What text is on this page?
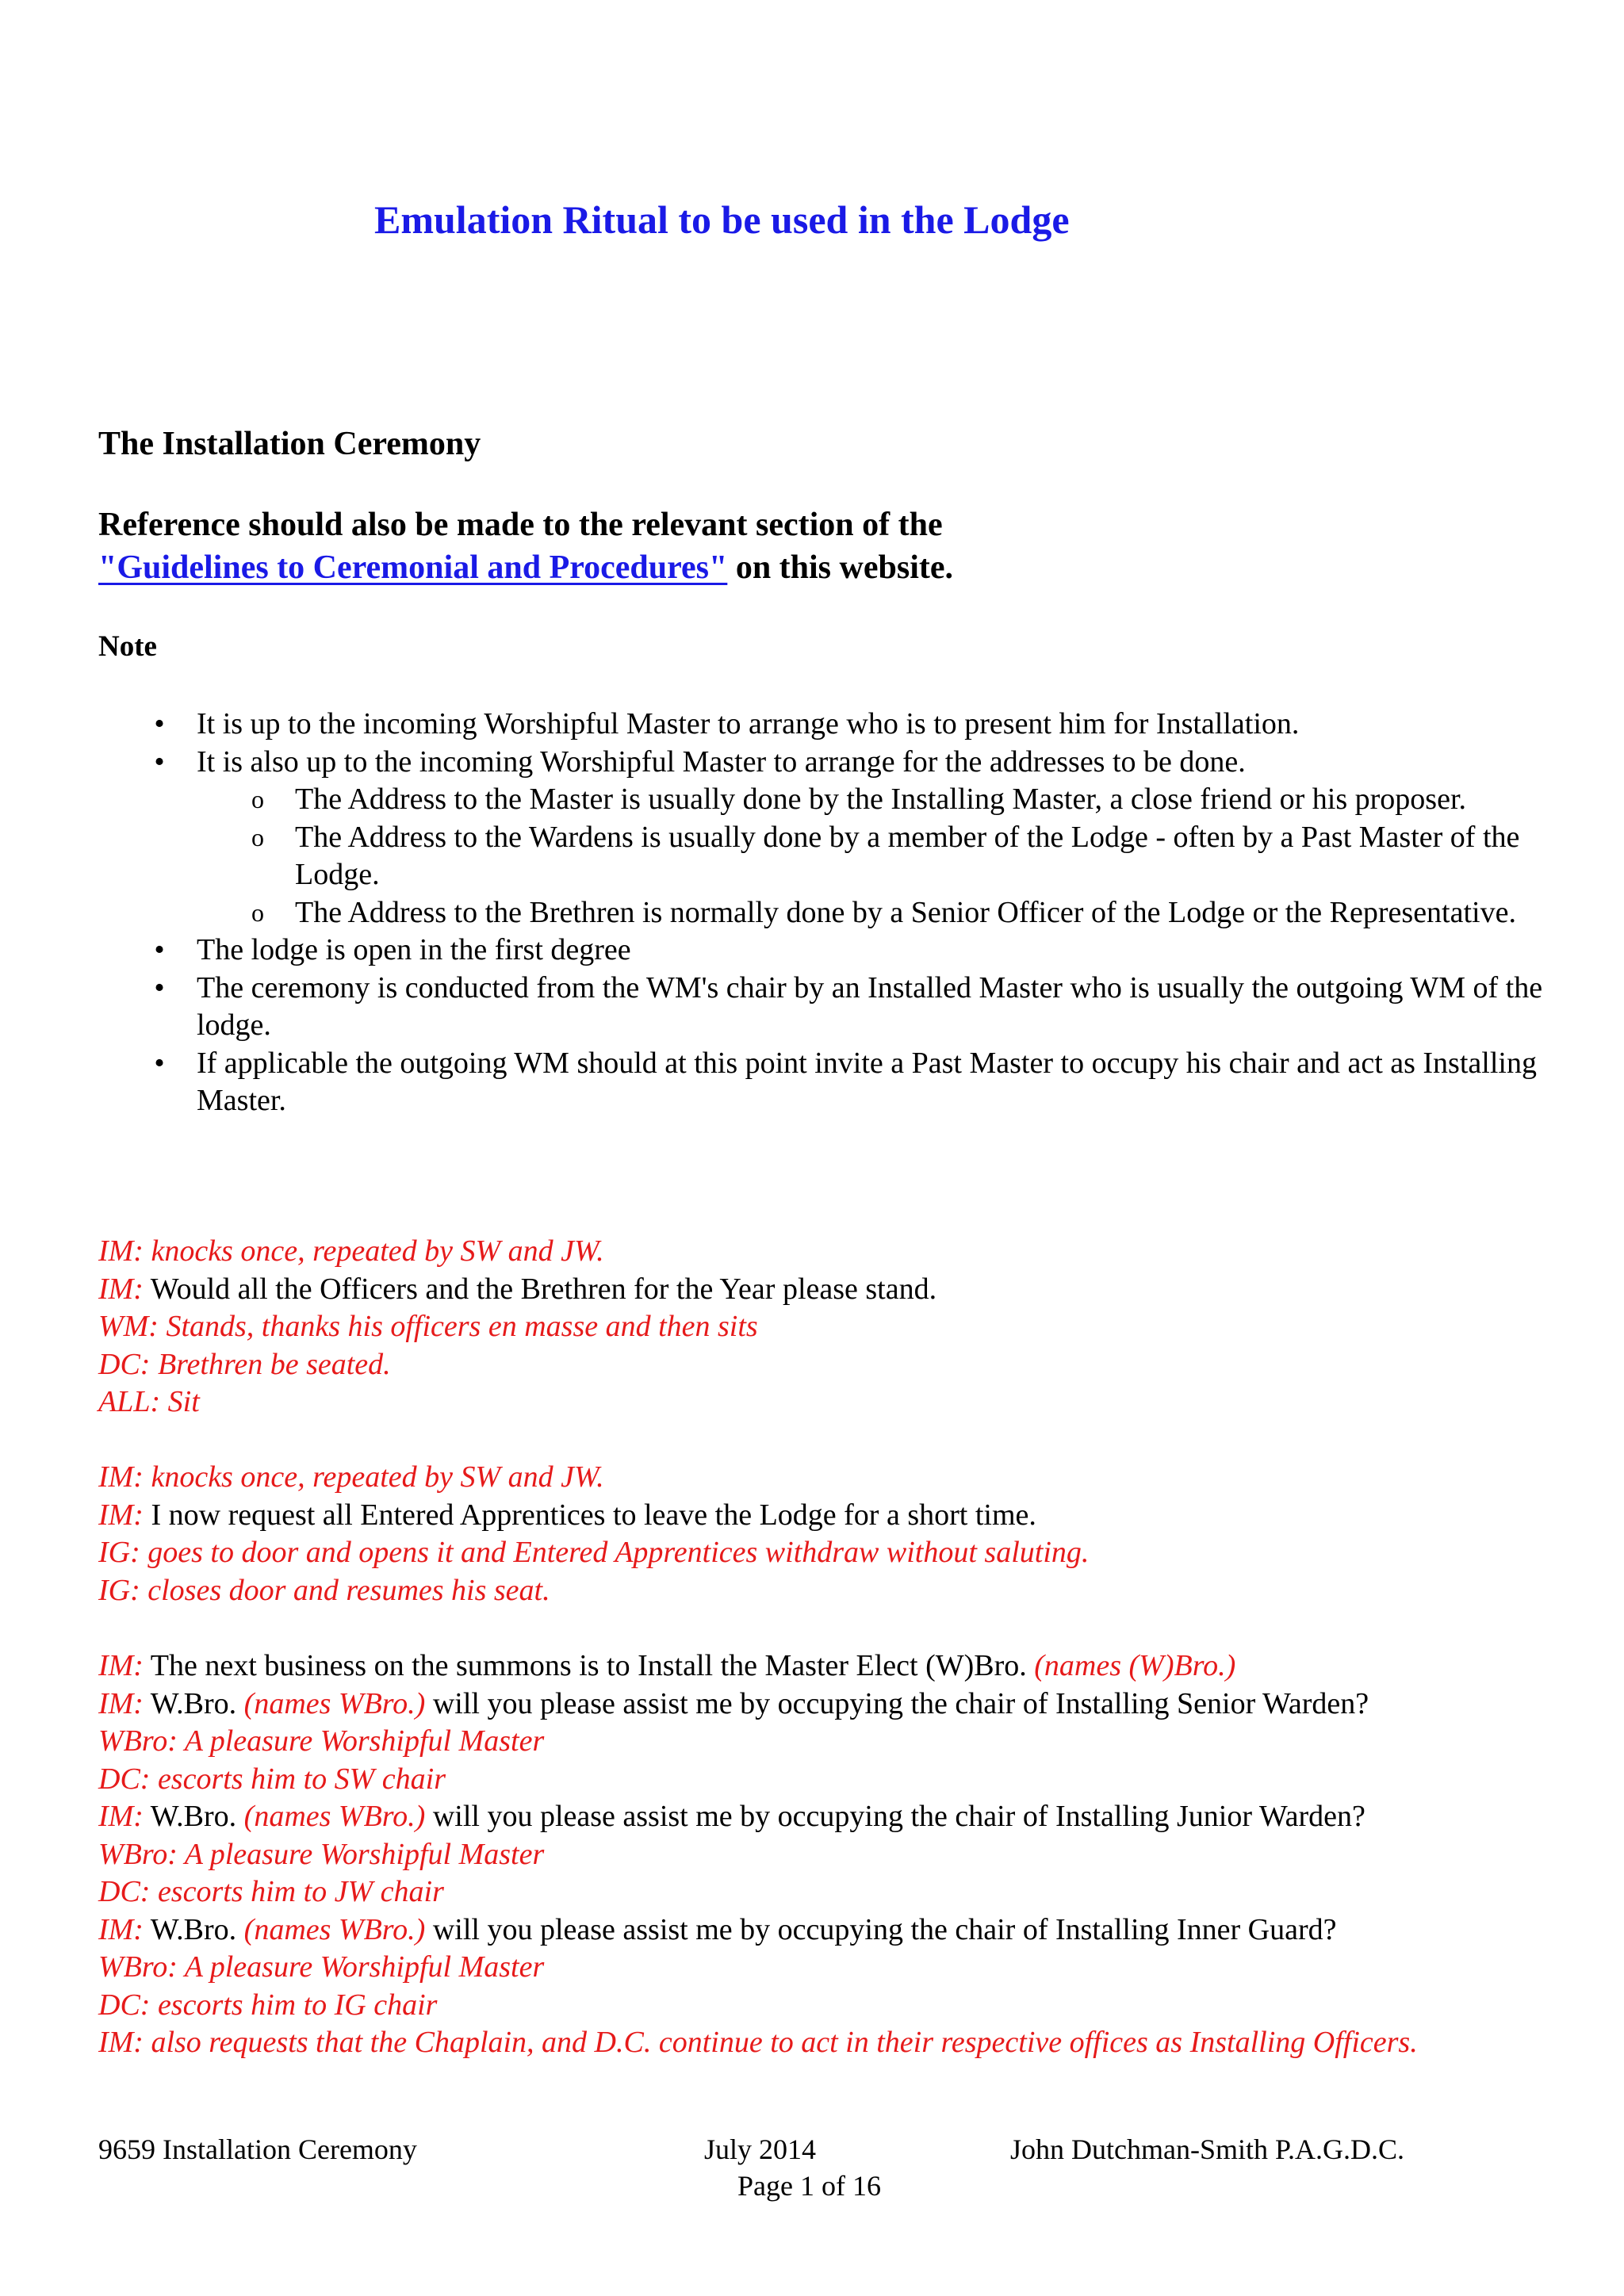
Emulation Ritual to be used in the Lodge
The Installation Ceremony
Reference should also be made to the relevant section of the
"Guidelines to Ceremonial and Procedures" on this website.
Note
• It is up to the incoming Worshipful Master to arrange who is to present him for Installation.
• It is also up to the incoming Worshipful Master to arrange for the addresses to be done.
o The Address to the Master is usually done by the Installing Master, a close friend or his proposer.
o The Address to the Wardens is usually done by a member of the Lodge - often by a Past Master of the Lodge.
o The Address to the Brethren is normally done by a Senior Officer of the Lodge or the Representative.
• The lodge is open in the first degree
• The ceremony is conducted from the WM's chair by an Installed Master who is usually the outgoing WM of the lodge.
• If applicable the outgoing WM should at this point invite a Past Master to occupy his chair and act as Installing Master.
IM: knocks once, repeated by SW and JW.
IM: Would all the Officers and the Brethren for the Year please stand.
WM: Stands, thanks his officers en masse and then sits
DC: Brethren be seated.
ALL: Sit
IM: knocks once, repeated by SW and JW.
IM: I now request all Entered Apprentices to leave the Lodge for a short time.
IG: goes to door and opens it and Entered Apprentices withdraw without saluting.
IG: closes door and resumes his seat.
IM: The next business on the summons is to Install the Master Elect (W)Bro. (names (W)Bro.)
IM: W.Bro. (names WBro.) will you please assist me by occupying the chair of Installing Senior Warden?
WBro: A pleasure Worshipful Master
DC: escorts him to SW chair
IM: W.Bro. (names WBro.) will you please assist me by occupying the chair of Installing Junior Warden?
WBro: A pleasure Worshipful Master
DC: escorts him to JW chair
IM: W.Bro. (names WBro.) will you please assist me by occupying the chair of Installing Inner Guard?
WBro: A pleasure Worshipful Master
DC: escorts him to IG chair
IM: also requests that the Chaplain, and D.C. continue to act in their respective offices as Installing Officers.
9659 Installation Ceremony	July 2014	John Dutchman-Smith P.A.G.D.C.
Page 1 of 16
